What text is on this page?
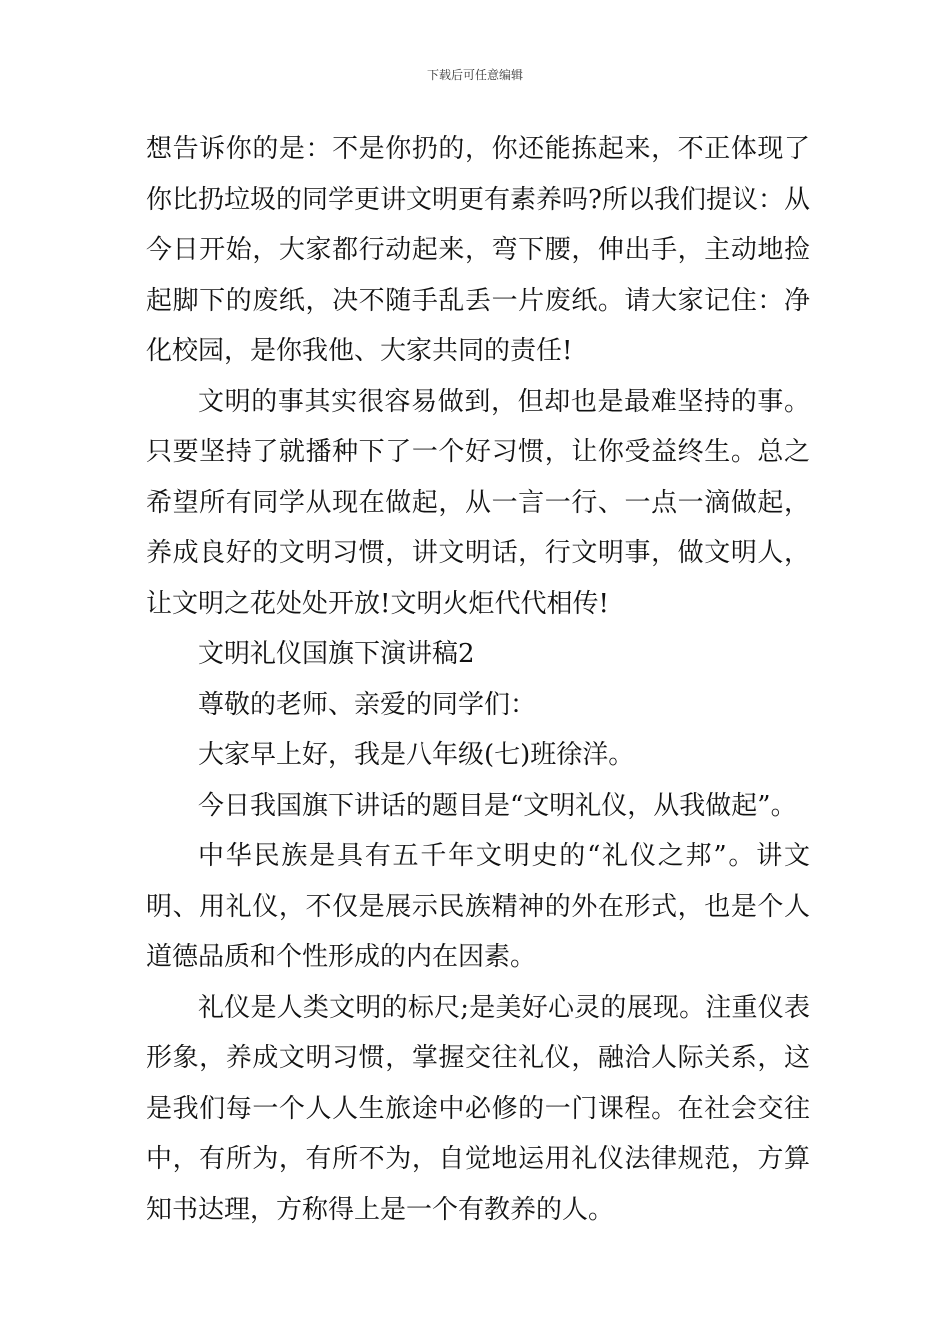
下载后可任意编辑

想告诉你的是：不是你扔的，你还能拣起来，不正体现了你比扔垃圾的同学更讲文明更有素养吗?所以我们提议：从今日开始，大家都行动起来，弯下腰，伸出手，主动地捡起脚下的废纸，决不随手乱丢一片废纸。请大家记住：净化校园，是你我他、大家共同的责任!

文明的事其实很容易做到，但却也是最难坚持的事。只要坚持了就播种下了一个好习惯，让你受益终生。总之希望所有同学从现在做起，从一言一行、一点一滴做起，养成良好的文明习惯，讲文明话，行文明事，做文明人，让文明之花处处开放!文明火炬代代相传!

文明礼仪国旗下演讲稿2

尊敬的老师、亲爱的同学们：

大家早上好，我是八年级(七)班徐洋。

今日我国旗下讲话的题目是“文明礼仪，从我做起”。

中华民族是具有五千年文明史的“礼仪之邦”。讲文明、用礼仪，不仅是展示民族精神的外在形式，也是个人道德品质和个性形成的内在因素。

礼仪是人类文明的标尺;是美好心灵的展现。注重仪表形象，养成文明习惯，掌握交往礼仪，融洽人际关系，这是我们每一个人人生旅途中必修的一门课程。在社会交往中，有所为，有所不为，自觉地运用礼仪法律规范，方算知书达理，方称得上是一个有教养的人。
